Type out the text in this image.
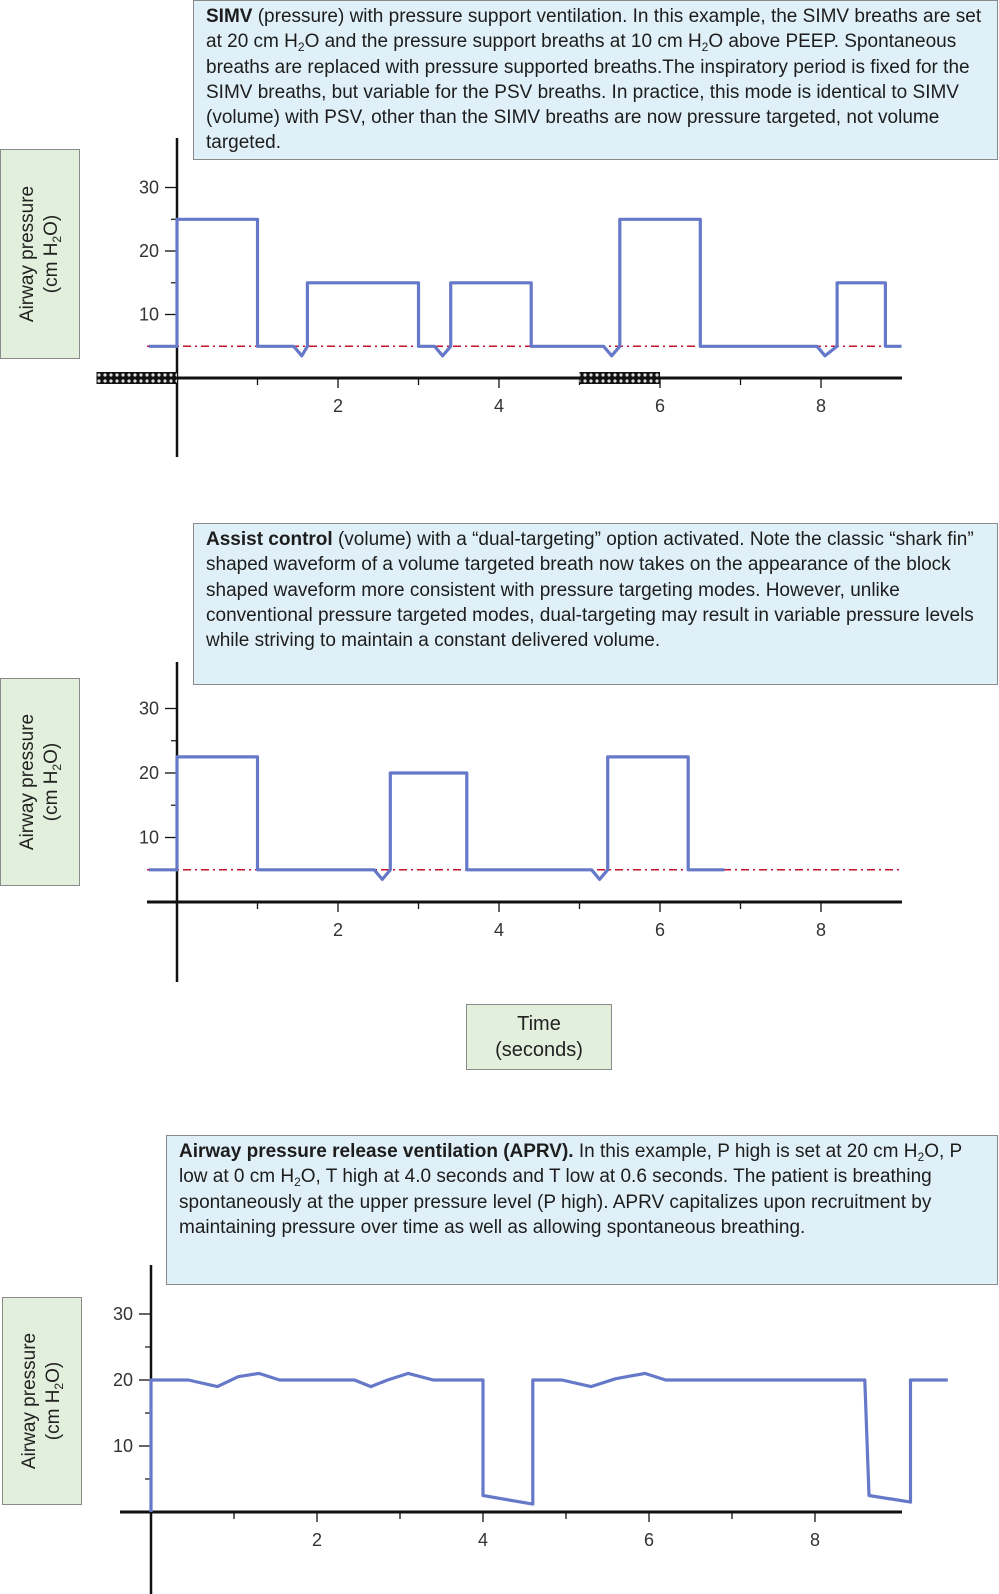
SIMV (pressure) with pressure support ventilation. In this example, the SIMV breaths are set at 20 cm $H_2O$ and the pressure support breaths at 10 cm $H_2O$ above PEEP. Spontaneous breaths are replaced with pressure supported breaths.The inspiratory period is fixed for the SIMV breaths, but variable for the PSV breaths. In practice, this mode is identical to SIMV (volume) with PSV, other than the SIMV breaths are now pressure targeted, not volume targeted.
Assist control (volume) with a “dual-targeting” option activated. Note the classic “shark fin” shaped waveform of a volume targeted breath now takes on the appearance of the block shaped waveform more consistent with pressure targeting modes. However, unlike conventional pressure targeted modes, dual-targeting may result in variable pressure levels while striving to maintain a constant delivered volume.
Airway pressure release ventilation (APRV). In this example, P high is set at 20 cm $H_2O$, P low at 0 cm $H_2O$, T high at 4.0 seconds and T low at 0.6 seconds. The patient is breathing spontaneously at the upper pressure level (P high). APRV capitalizes upon recruitment by maintaining pressure over time as well as allowing spontaneous breathing.
Airway pressure (cm $H_2O$)
Airway pressure (cm $H_2O$)
Airway pressure (cm $H_2O$)
Time
(seconds)
10
20
30
2	4	6	8
10
20
30
2	4	6	8
10
20
30
2	4	6	8
